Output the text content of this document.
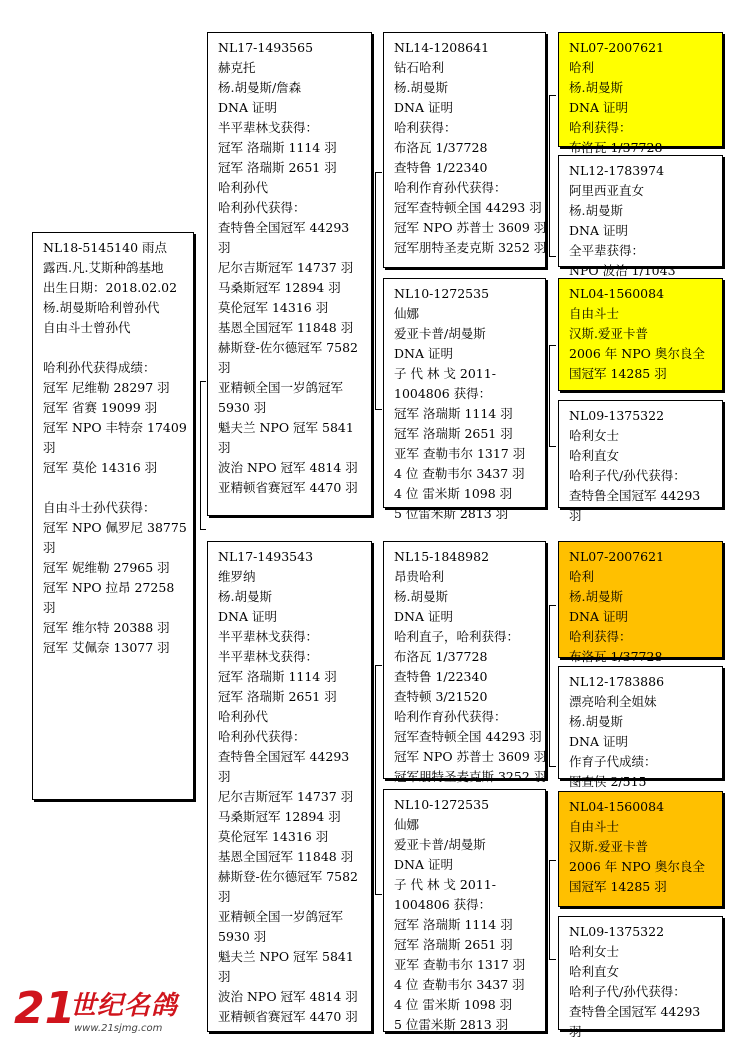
NL18-5145140 雨点
露西.凡.艾斯种鸽基地
出生日期：2018.02.02
杨.胡曼斯哈利曾孙代
自由斗士曾孙代
哈利孙代获得成绩：
冠军 尼维勒 28297 羽
冠军 省赛 19099 羽
冠军 NPO 丰特奈 17409 羽
冠军 莫伦 14316 羽
自由斗士孙代获得：
冠军 NPO 佩罗尼 38775 羽
冠军 妮维勒 27965 羽
冠军 NPO 拉昂 27258 羽
冠军 维尔特 20388 羽
冠军 艾佩奈 13077 羽
NL17-1493565
赫克托
杨.胡曼斯/詹森
DNA 证明
半平辈林戈获得：
冠军 洛瑞斯 1114 羽
冠军 洛瑞斯 2651 羽
哈利孙代
哈利孙代获得：
查特鲁全国冠军 44293 羽
尼尔吉斯冠军 14737 羽
马桑斯冠军 12894 羽
莫伦冠军 14316 羽
基恩全国冠军 11848 羽
赫斯登-佐尔德冠军 7582 羽
亚精顿全国一岁鸽冠军 5930 羽
魁夫兰 NPO 冠军 5841 羽
波治 NPO 冠军 4814 羽
亚精顿省赛冠军 4470 羽
NL17-1493543
维罗纳
杨.胡曼斯
DNA 证明
半平辈林戈获得：
半平辈林戈获得：
冠军 洛瑞斯 1114 羽
冠军 洛瑞斯 2651 羽
哈利孙代
哈利孙代获得：
查特鲁全国冠军 44293 羽
尼尔吉斯冠军 14737 羽
马桑斯冠军 12894 羽
莫伦冠军 14316 羽
基恩全国冠军 11848 羽
赫斯登-佐尔德冠军 7582 羽
亚精顿全国一岁鸽冠军 5930 羽
魁夫兰 NPO 冠军 5841 羽
波治 NPO 冠军 4814 羽
亚精顿省赛冠军 4470 羽
NL14-1208641
钻石哈利
杨.胡曼斯
DNA 证明
哈利获得：
布洛瓦 1/37728
查特鲁 1/22340
哈利作育孙代获得：
冠军查特顿全国 44293 羽
冠军 NPO 苏普士 3609 羽
冠军朋特圣麦克斯 3252 羽
NL10-1272535
仙娜
爱亚卡普/胡曼斯
DNA 证明
子 代 林 戈 2011-1004806 获得：
冠军 洛瑞斯 1114 羽
冠军 洛瑞斯 2651 羽
亚军 查勒韦尔 1317 羽
4 位 查勒韦尔 3437 羽
4 位 雷米斯 1098 羽
5 位雷米斯 2813 羽
NL15-1848982
昂贵哈利
杨.胡曼斯
DNA 证明
哈利直子，哈利获得：
布洛瓦 1/37728
查特鲁 1/22340
查特顿 3/21520
哈利作育孙代获得：
冠军查特顿全国 44293 羽
冠军 NPO 苏普士 3609 羽
冠军朋特圣麦克斯 3252 羽
NL10-1272535
仙娜
爱亚卡普/胡曼斯
DNA 证明
子 代 林 戈 2011-1004806 获得：
冠军 洛瑞斯 1114 羽
冠军 洛瑞斯 2651 羽
亚军 查勒韦尔 1317 羽
4 位 查勒韦尔 3437 羽
4 位 雷米斯 1098 羽
5 位雷米斯 2813 羽
NL07-2007621
哈利
杨.胡曼斯
DNA 证明
哈利获得：
布洛瓦 1/37728
NL12-1783974
阿里西亚直女
杨.胡曼斯
DNA 证明
全平辈获得：
NPO 波治 1/1043
NL04-1560084
自由斗士
汉斯.爱亚卡普
2006 年 NPO 奥尔良全国冠军 14285 羽
NL09-1375322
哈利女士
哈利直女
哈利子代/孙代获得：
查特鲁全国冠军 44293 羽
NL07-2007621
哈利
杨.胡曼斯
DNA 证明
哈利获得：
布洛瓦 1/37728
NL12-1783886
漂亮哈利全姐妹
杨.胡曼斯
DNA 证明
作育子代成绩：
图查侯 2/515
NL04-1560084
自由斗士
汉斯.爱亚卡普
2006 年 NPO 奥尔良全国冠军 14285 羽
NL09-1375322
哈利女士
哈利直女
哈利子代/孙代获得：
查特鲁全国冠军 44293 羽
21
世纪名鸽
www.21sjmg.com
